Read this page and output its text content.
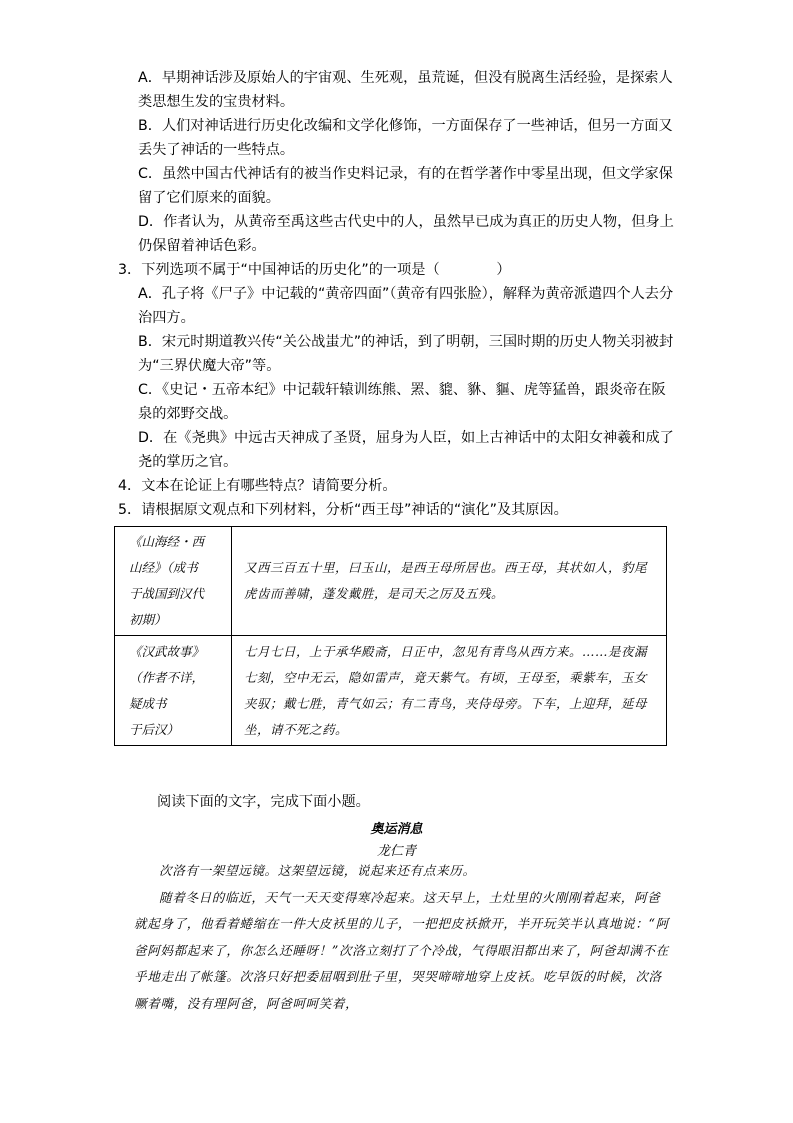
A．早期神话涉及原始人的宇宙观、生死观，虽荒诞，但没有脱离生活经验，是探索人类思想生发的宝贵材料。

B．人们对神话进行历史化改编和文学化修饰，一方面保存了一些神话，但另一方面又丢失了神话的一些特点。

C．虽然中国古代神话有的被当作史料记录，有的在哲学著作中零星出现，但文学家保留了它们原来的面貌。

D．作者认为，从黄帝至禹这些古代史中的人，虽然早已成为真正的历史人物，但身上仍保留着神话色彩。

3．下列选项不属于“中国神话的历史化”的一项是（　　　　）

A．孔子将《尸子》中记载的“黄帝四面”（黄帝有四张脸），解释为黄帝派遣四个人去分治四方。

B．宋元时期道教兴传“关公战蚩尤”的神话，到了明朝，三国时期的历史人物关羽被封为“三界伏魔大帝”等。

C．《史记・五帝本纪》中记载轩辕训练熊、罴、貔、貅、貙、虎等猛兽，跟炎帝在阪泉的郊野交战。

D．在《尧典》中远古天神成了圣贤，屈身为人臣，如上古神话中的太阳女神羲和成了尧的掌历之官。

4．文本在论证上有哪些特点？请简要分析。

5．请根据原文观点和下列材料，分析“西王母”神话的“演化”及其原因。

《山海经・西
山经》（成书
于战国到汉代
初期）	又西三百五十里，曰玉山，是西王母所居也。西王母，其状如人，豹尾虎齿而善啸，蓬发戴胜，是司天之厉及五残。

《汉武故事》
（作者不详，
疑成书
于后汉）	七月七日，上于承华殿斋，日正中，忽见有青鸟从西方来。……是夜漏七刻，空中无云，隐如雷声，竟天紫气。有顷，王母至，乘紫车，玉女夹驭；戴七胜，青气如云；有二青鸟，夹侍母旁。下车，上迎拜，延母坐，请不死之药。

阅读下面的文字，完成下面小题。

奥运消息

龙仁青

次洛有一架望远镜。这架望远镜，说起来还有点来历。

随着冬日的临近，天气一天天变得寒冷起来。这天早上，土灶里的火刚刚着起来，阿爸就起身了，他看着蜷缩在一件大皮袄里的儿子，一把把皮袄掀开，半开玩笑半认真地说：“阿爸阿妈都起来了，你怎么还睡呀！”次洛立刻打了个冷战，气得眼泪都出来了，阿爸却满不在乎地走出了帐篷。次洛只好把委屈咽到肚子里，哭哭啼啼地穿上皮袄。吃早饭的时候，次洛噘着嘴，没有理阿爸，阿爸呵呵笑着，
